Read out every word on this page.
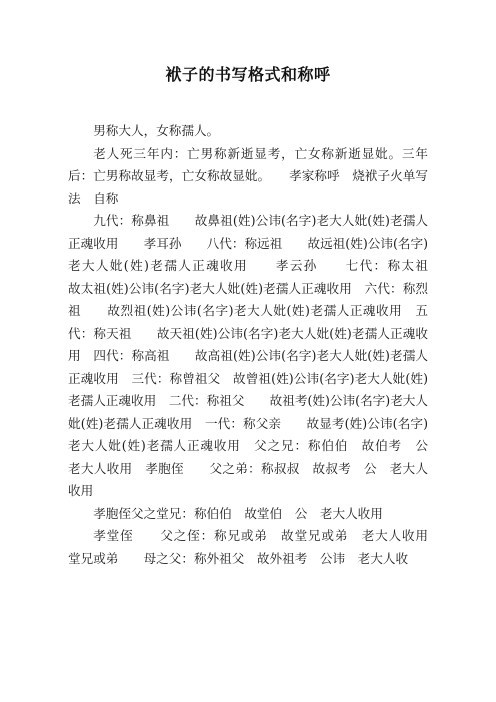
袱子的书写格式和称呼

男称大人，女称孺人。

老人死三年内：亡男称新逝显考，亡女称新逝显妣。三年后：亡男称故显考，亡女称故显妣。　　孝家称呼　烧袱子火单写法　自称

九代：称鼻祖　　故鼻祖(姓)公讳(名字)老大人妣(姓)老孺人正魂收用　　孝耳孙　　八代：称远祖　　故远祖(姓)公讳(名字)老大人妣(姓)老孺人正魂收用　　孝云孙　　七代：称太祖　　故太祖(姓)公讳(名字)老大人妣(姓)老孺人正魂收用　六代：称烈祖　　故烈祖(姓)公讳(名字)老大人妣(姓)老孺人正魂收用　五代：称天祖　　故天祖(姓)公讳(名字)老大人妣(姓)老孺人正魂收用　四代：称高祖　　故高祖(姓)公讳(名字)老大人妣(姓)老孺人正魂收用　三代：称曾祖父　故曾祖(姓)公讳(名字)老大人妣(姓)老孺人正魂收用　二代：称祖父　　故祖考(姓)公讳(名字)老大人妣(姓)老孺人正魂收用　一代：称父亲　　故显考(姓)公讳(名字)老大人妣(姓)老孺人正魂收用　父之兄：称伯伯　故伯考　公　老大人收用　孝胞侄　　父之弟：称叔叔　故叔考　公　老大人收用

孝胞侄父之堂兄：称伯伯　故堂伯　公　老大人收用

孝堂侄　　父之侄：称兄或弟　故堂兄或弟　老大人收用　堂兄或弟　　母之父：称外祖父　故外祖考　公讳　老大人收
